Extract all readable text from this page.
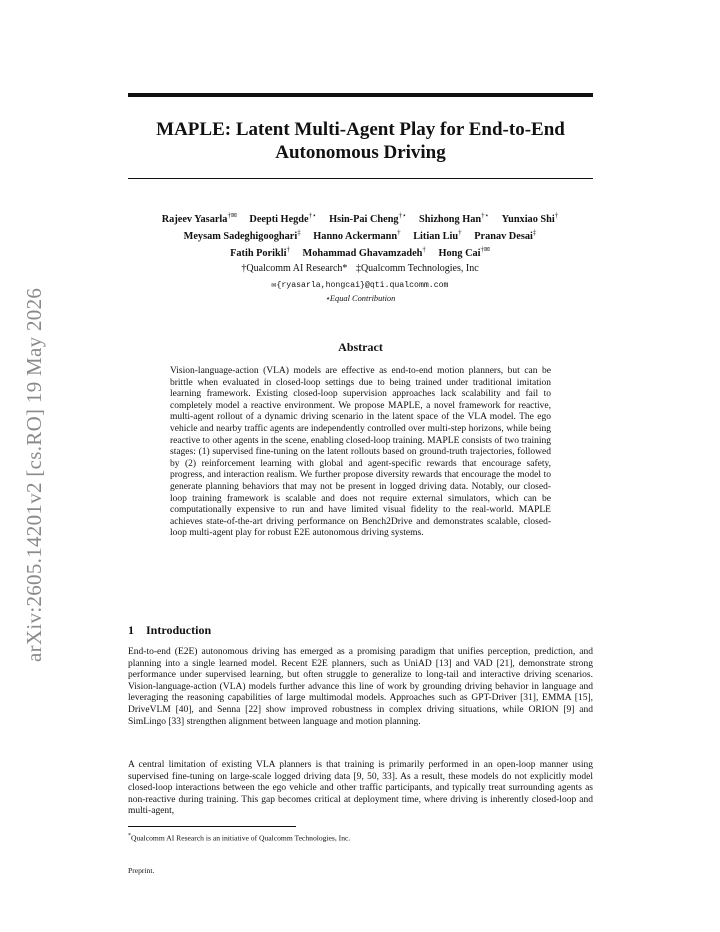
arXiv:2605.14201v2 [cs.RO] 19 May 2026
MAPLE: Latent Multi-Agent Play for End-to-End Autonomous Driving
Rajeev Yasarla†✉ Deepti Hegde†⋆ Hsin-Pai Cheng†⋆ Shizhong Han†⋆ Yunxiao Shi†
Meysam Sadeghigooghari‡ Hanno Ackermann† Litian Liu† Pranav Desai‡
Fatih Porikli† Mohammad Ghavamzadeh† Hong Cai†✉
†Qualcomm AI Research* ‡Qualcomm Technologies, Inc
✉{ryasarla,hongcai}@qti.qualcomm.com
⋆Equal Contribution
Abstract
Vision-language-action (VLA) models are effective as end-to-end motion planners, but can be brittle when evaluated in closed-loop settings due to being trained under traditional imitation learning framework. Existing closed-loop supervision approaches lack scalability and fail to completely model a reactive environment. We propose MAPLE, a novel framework for reactive, multi-agent rollout of a dynamic driving scenario in the latent space of the VLA model. The ego vehicle and nearby traffic agents are independently controlled over multi-step horizons, while being reactive to other agents in the scene, enabling closed-loop training. MAPLE consists of two training stages: (1) supervised fine-tuning on the latent rollouts based on ground-truth trajectories, followed by (2) reinforcement learning with global and agent-specific rewards that encourage safety, progress, and interaction realism. We further propose diversity rewards that encourage the model to generate planning behaviors that may not be present in logged driving data. Notably, our closed-loop training framework is scalable and does not require external simulators, which can be computationally expensive to run and have limited visual fidelity to the real-world. MAPLE achieves state-of-the-art driving performance on Bench2Drive and demonstrates scalable, closed-loop multi-agent play for robust E2E autonomous driving systems.
1 Introduction
End-to-end (E2E) autonomous driving has emerged as a promising paradigm that unifies perception, prediction, and planning into a single learned model. Recent E2E planners, such as UniAD [13] and VAD [21], demonstrate strong performance under supervised learning, but often struggle to generalize to long-tail and interactive driving scenarios. Vision-language-action (VLA) models further advance this line of work by grounding driving behavior in language and leveraging the reasoning capabilities of large multimodal models. Approaches such as GPT-Driver [31], EMMA [15], DriveVLM [40], and Senna [22] show improved robustness in complex driving situations, while ORION [9] and SimLingo [33] strengthen alignment between language and motion planning.
A central limitation of existing VLA planners is that training is primarily performed in an open-loop manner using supervised fine-tuning on large-scale logged driving data [9, 50, 33]. As a result, these models do not explicitly model closed-loop interactions between the ego vehicle and other traffic participants, and typically treat surrounding agents as non-reactive during training. This gap becomes critical at deployment time, where driving is inherently closed-loop and multi-agent,
*Qualcomm AI Research is an initiative of Qualcomm Technologies, Inc.
Preprint.
